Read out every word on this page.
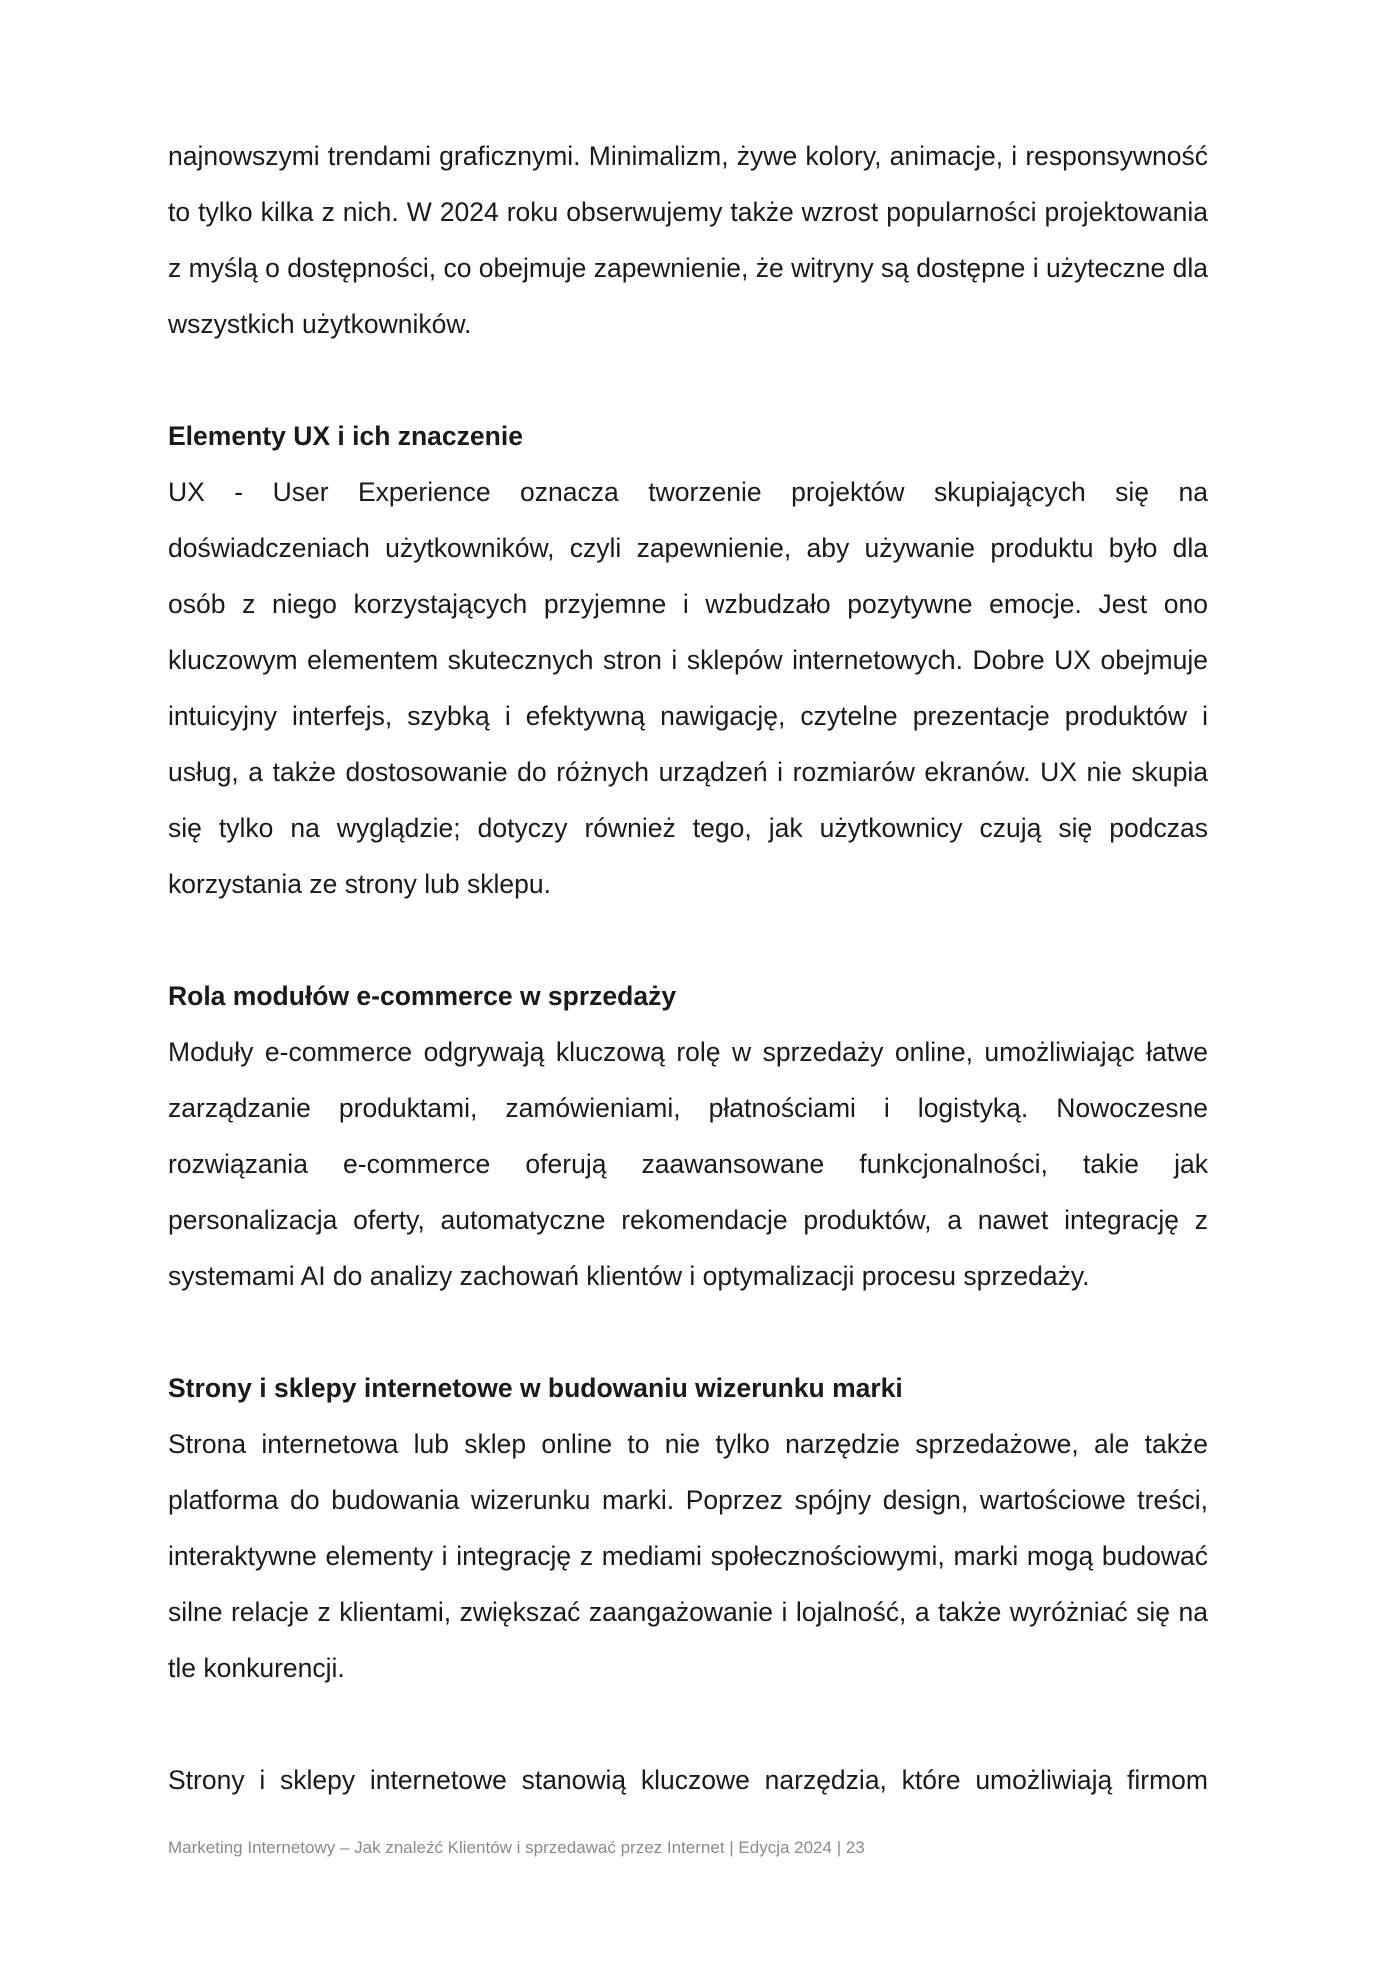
najnowszymi trendami graficznymi. Minimalizm, żywe kolory, animacje, i responsywność to tylko kilka z nich. W 2024 roku obserwujemy także wzrost popularności projektowania z myślą o dostępności, co obejmuje zapewnienie, że witryny są dostępne i użyteczne dla wszystkich użytkowników.

Elementy UX i ich znaczenie

UX - User Experience oznacza tworzenie projektów skupiających się na doświadczeniach użytkowników, czyli zapewnienie, aby używanie produktu było dla osób z niego korzystających przyjemne i wzbudzało pozytywne emocje. Jest ono kluczowym elementem skutecznych stron i sklepów internetowych. Dobre UX obejmuje intuicyjny interfejs, szybką i efektywną nawigację, czytelne prezentacje produktów i usług, a także dostosowanie do różnych urządzeń i rozmiarów ekranów. UX nie skupia się tylko na wyglądzie; dotyczy również tego, jak użytkownicy czują się podczas korzystania ze strony lub sklepu.

Rola modułów e-commerce w sprzedaży

Moduły e-commerce odgrywają kluczową rolę w sprzedaży online, umożliwiając łatwe zarządzanie produktami, zamówieniami, płatnościami i logistyką. Nowoczesne rozwiązania e-commerce oferują zaawansowane funkcjonalności, takie jak personalizacja oferty, automatyczne rekomendacje produktów, a nawet integrację z systemami AI do analizy zachowań klientów i optymalizacji procesu sprzedaży.

Strony i sklepy internetowe w budowaniu wizerunku marki

Strona internetowa lub sklep online to nie tylko narzędzie sprzedażowe, ale także platforma do budowania wizerunku marki. Poprzez spójny design, wartościowe treści, interaktywne elementy i integrację z mediami społecznościowymi, marki mogą budować silne relacje z klientami, zwiększać zaangażowanie i lojalność, a także wyróżniać się na tle konkurencji.

Strony i sklepy internetowe stanowią kluczowe narzędzia, które umożliwiają firmom

Marketing Internetowy – Jak znaleźć Klientów i sprzedawać przez Internet | Edycja 2024 | 23
